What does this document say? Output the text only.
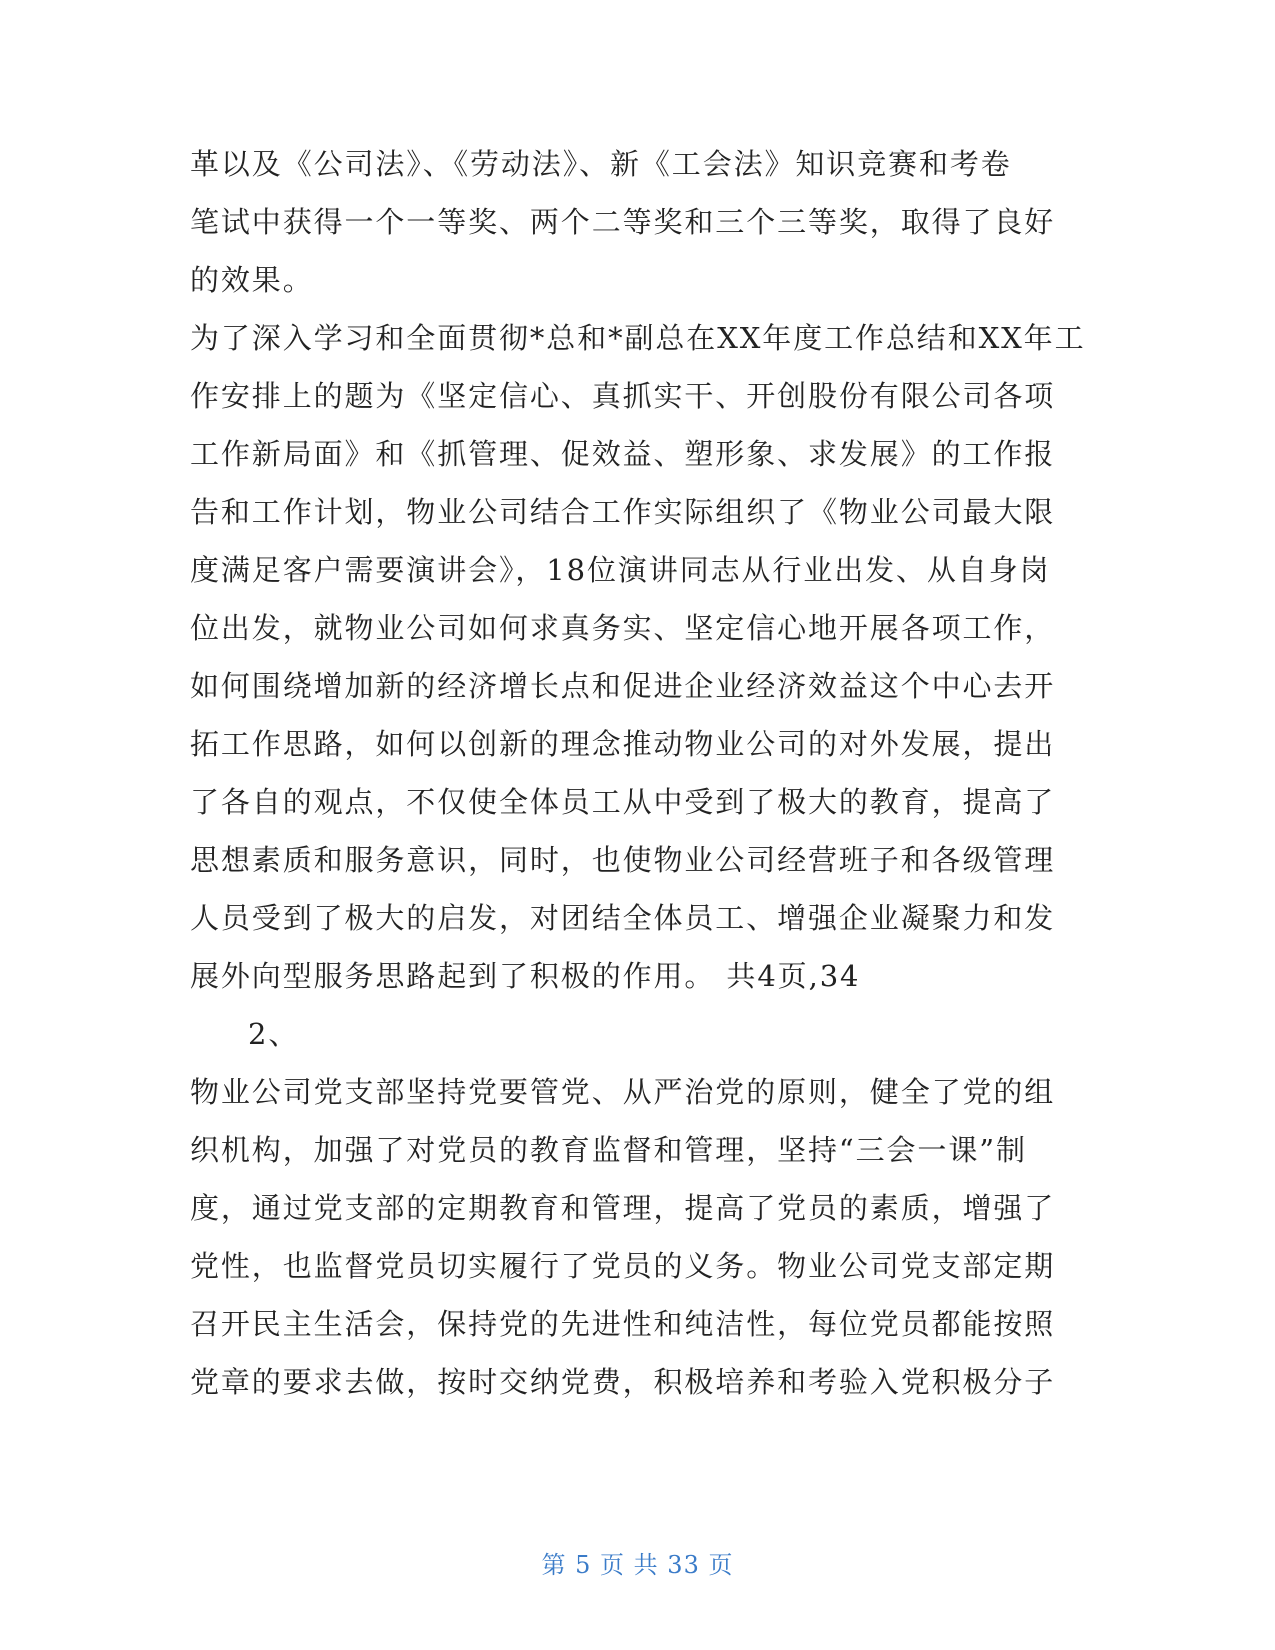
革以及《公司法》、《劳动法》、新《工会法》知识竞赛和考卷
笔试中获得一个一等奖、两个二等奖和三个三等奖，取得了良好
的效果。
为了深入学习和全面贯彻*总和*副总在XX年度工作总结和XX年工
作安排上的题为《坚定信心、真抓实干、开创股份有限公司各项
工作新局面》和《抓管理、促效益、塑形象、求发展》的工作报
告和工作计划，物业公司结合工作实际组织了《物业公司最大限
度满足客户需要演讲会》，18位演讲同志从行业出发、从自身岗
位出发，就物业公司如何求真务实、坚定信心地开展各项工作，
如何围绕增加新的经济增长点和促进企业经济效益这个中心去开
拓工作思路，如何以创新的理念推动物业公司的对外发展，提出
了各自的观点，不仅使全体员工从中受到了极大的教育，提高了
思想素质和服务意识，同时，也使物业公司经营班子和各级管理
人员受到了极大的启发，对团结全体员工、增强企业凝聚力和发
展外向型服务思路起到了积极的作用。 共4页,34
2、
物业公司党支部坚持党要管党、从严治党的原则，健全了党的组
织机构，加强了对党员的教育监督和管理，坚持“三会一课”制
度，通过党支部的定期教育和管理，提高了党员的素质，增强了
党性，也监督党员切实履行了党员的义务。物业公司党支部定期
召开民主生活会，保持党的先进性和纯洁性，每位党员都能按照
党章的要求去做，按时交纳党费，积极培养和考验入党积极分子
第 5 页 共 33 页
